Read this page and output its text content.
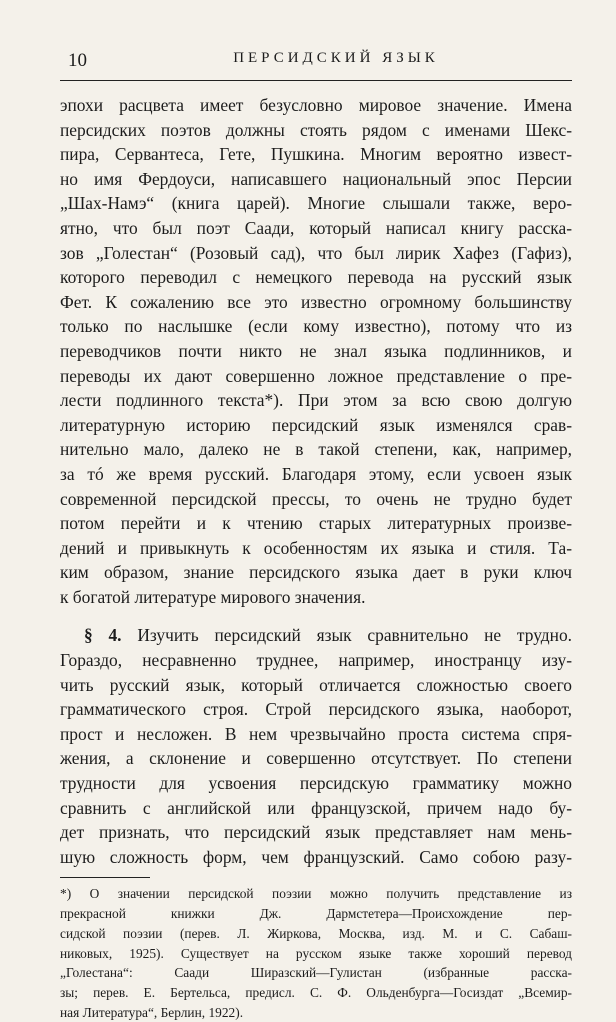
10	ПЕРСИДСКИЙ ЯЗЫК

эпохи расцвета имеет безусловно мировое значение. Имена
персидских поэтов должны стоять рядом с именами Шекс-
пира, Сервантеса, Гете, Пушкина. Многим вероятно извест-
но имя Фердоуси, написавшего национальный эпос Персии
„Шах-Намэ“ (книга царей). Многие слышали также, веро-
ятно, что был поэт Саади, который написал книгу расска-
зов „Голестан“ (Розовый сад), что был лирик Хафез (Гафиз),
которого переводил с немецкого перевода на русский язык
Фет. К сожалению все это известно огромному большинству
только по наслышке (если кому известно), потому что из
переводчиков почти никто не знал языка подлинников, и
переводы их дают совершенно ложное представление о пре-
лести подлинного текста*). При этом за всю свою долгую
литературную историю персидский язык изменялся срав-
нительно мало, далеко не в такой степени, как, например,
за тó же время русский. Благодаря этому, если усвоен язык
современной персидской прессы, то очень не трудно будет
потом перейти и к чтению старых литературных произве-
дений и привыкнуть к особенностям их языка и стиля. Та-
ким образом, знание персидского языка дает в руки ключ
к богатой литературе мирового значения.

§ 4. Изучить персидский язык сравнительно не трудно.
Гораздо, несравненно труднее, например, иностранцу изу-
чить русский язык, который отличается сложностью своего
грамматического строя. Строй персидского языка, наоборот,
прост и несложен. В нем чрезвычайно проста система спря-
жения, а склонение и совершенно отсутствует. По степени
трудности для усвоения персидскую грамматику можно
сравнить с английской или французской, причем надо бу-
дет признать, что персидский язык представляет нам мень-
шую сложность форм, чем французский. Само собою разу-

*) О значении персидской поэзии можно получить представление из
прекрасной книжки Дж. Дармстетера—Происхождение пер-
сидской поэзии (перев. Л. Жиркова, Москва, изд. М. и С. Сабаш-
никовых, 1925). Существует на русском языке также хороший перевод
„Голестана“: Саади Ширазский—Гулистан (избранные расска-
зы; перев. Е. Бертельса, предисл. С. Ф. Ольденбурга—Госиздат „Всемир-
ная Литература“, Берлин, 1922).
